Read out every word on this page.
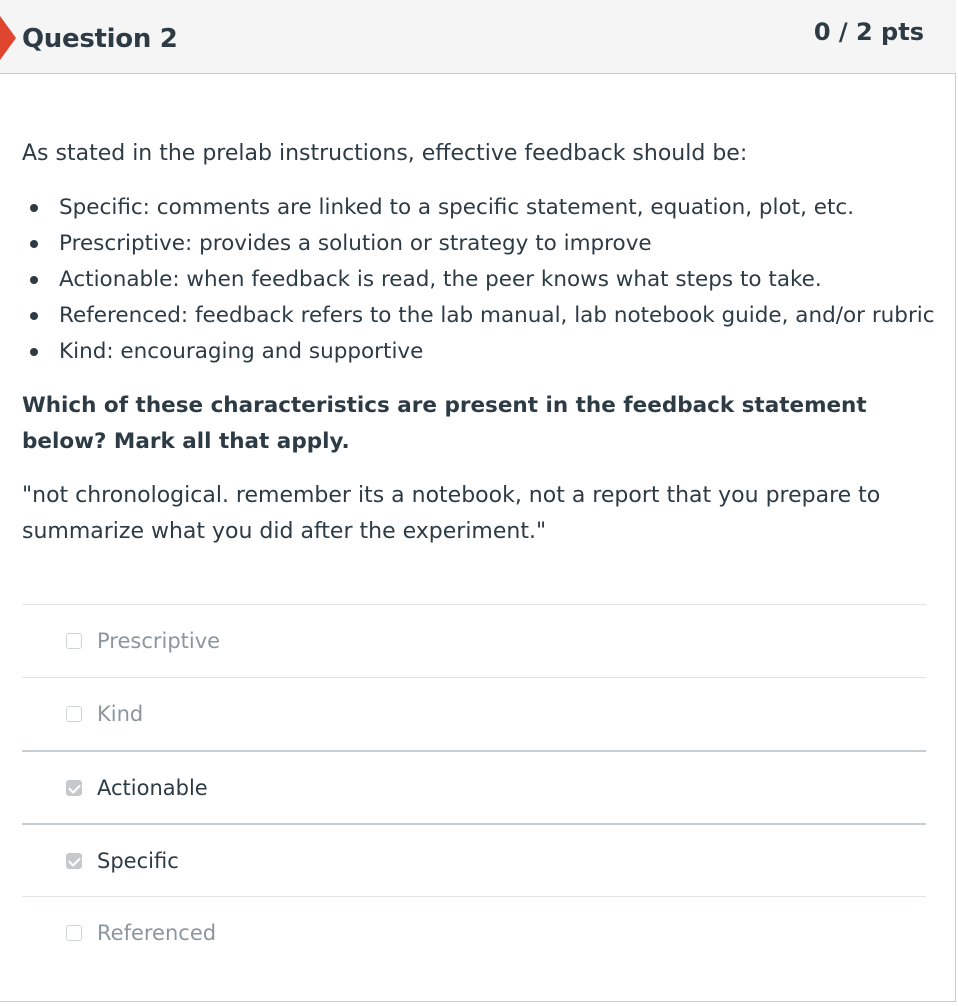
Question 2	0 / 2 pts
As stated in the prelab instructions, effective feedback should be:
Specific: comments are linked to a specific statement, equation, plot, etc.
Prescriptive: provides a solution or strategy to improve
Actionable: when feedback is read, the peer knows what steps to take.
Referenced: feedback refers to the lab manual, lab notebook guide, and/or rubric
Kind: encouraging and supportive
Which of these characteristics are present in the feedback statement below? Mark all that apply.
"not chronological. remember its a notebook, not a report that you prepare to summarize what you did after the experiment."
Prescriptive
Kind
Actionable
Specific
Referenced
